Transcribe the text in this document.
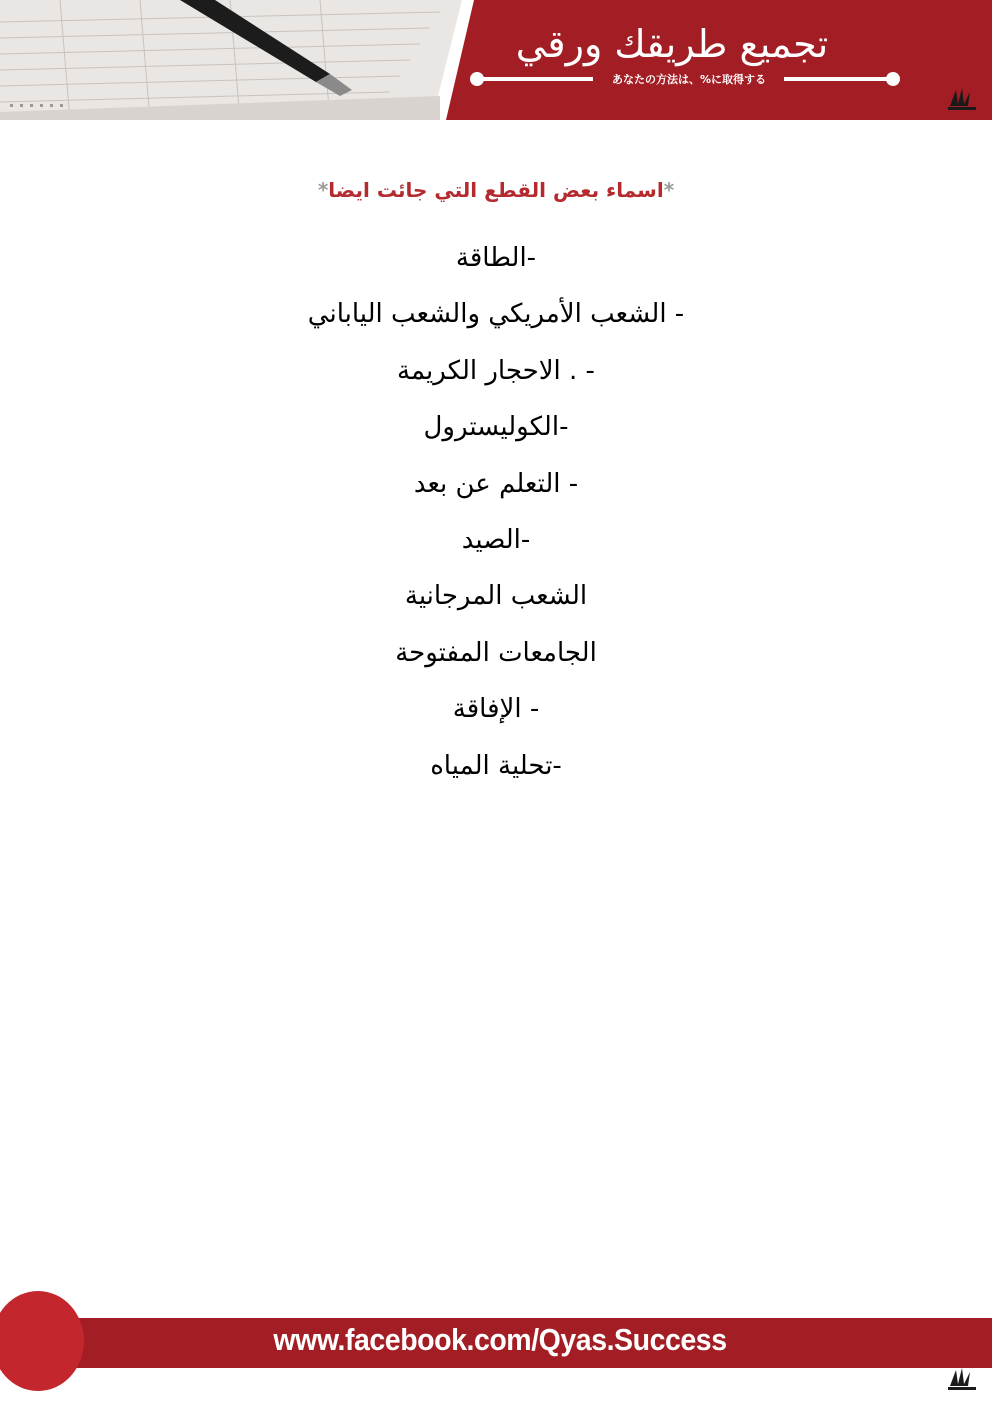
تجميع طريقك ورقي
あなたの方法は、%に取得する
*اسماء بعض القطع التي جائت ايضا*
-الطاقة
- الشعب الأمريكي والشعب الياباني
- . الاحجار الكريمة
-الكوليسترول
- التعلم عن بعد
-الصيد
الشعب المرجانية
الجامعات المفتوحة
- الإفاقة
-تحلية المياه
www.facebook.com/Qyas.Success
